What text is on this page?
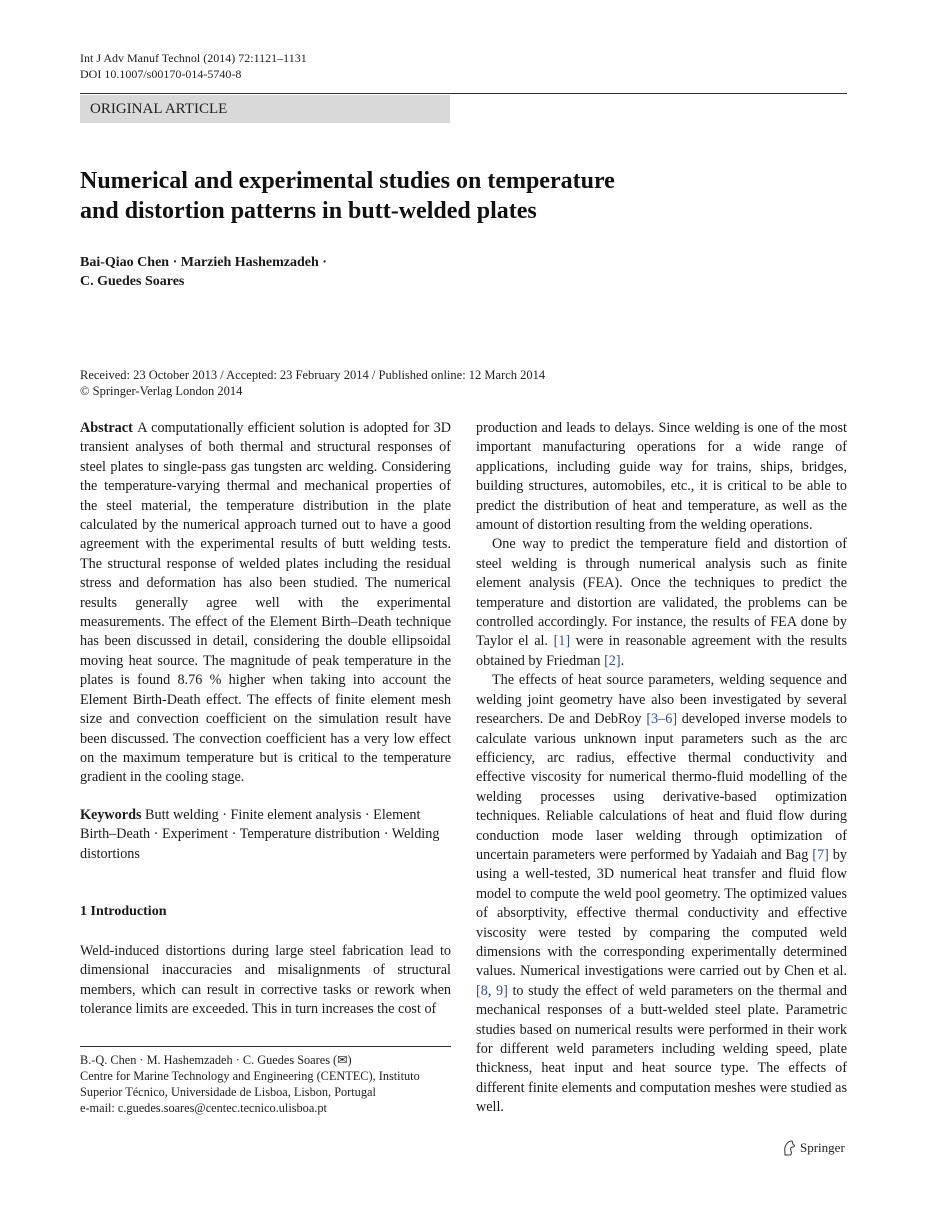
Int J Adv Manuf Technol (2014) 72:1121–1131
DOI 10.1007/s00170-014-5740-8
ORIGINAL ARTICLE
Numerical and experimental studies on temperature
and distortion patterns in butt-welded plates
Bai-Qiao Chen · Marzieh Hashemzadeh ·
C. Guedes Soares
Received: 23 October 2013 / Accepted: 23 February 2014 / Published online: 12 March 2014
© Springer-Verlag London 2014

Abstract A computationally efficient solution is adopted for 3D transient analyses of both thermal and structural responses of steel plates to single-pass gas tungsten arc welding. Considering the temperature-varying thermal and mechanical properties of the steel material, the temperature distribution in the plate calculated by the numerical approach turned out to have a good agreement with the experimental results of butt welding tests. The structural response of welded plates including the residual stress and deformation has also been studied. The numerical results generally agree well with the experimental measurements. The effect of the Element Birth–Death technique has been discussed in detail, considering the double ellipsoidal moving heat source. The magnitude of peak temperature in the plates is found 8.76 % higher when taking into account the Element Birth-Death effect. The effects of finite element mesh size and convection coefficient on the simulation result have been discussed. The convection coefficient has a very low effect on the maximum temperature but is critical to the temperature gradient in the cooling stage.

Keywords Butt welding · Finite element analysis · Element Birth–Death · Experiment · Temperature distribution · Welding distortions
1 Introduction

Weld-induced distortions during large steel fabrication lead to dimensional inaccuracies and misalignments of structural members, which can result in corrective tasks or rework when tolerance limits are exceeded. This in turn increases the cost of

B.-Q. Chen · M. Hashemzadeh · C. Guedes Soares (✉)
Centre for Marine Technology and Engineering (CENTEC), Instituto
Superior Técnico, Universidade de Lisboa, Lisbon, Portugal
e-mail: c.guedes.soares@centec.tecnico.ulisboa.pt

production and leads to delays. Since welding is one of the most important manufacturing operations for a wide range of applications, including guide way for trains, ships, bridges, building structures, automobiles, etc., it is critical to be able to predict the distribution of heat and temperature, as well as the amount of distortion resulting from the welding operations.

One way to predict the temperature field and distortion of steel welding is through numerical analysis such as finite element analysis (FEA). Once the techniques to predict the temperature and distortion are validated, the problems can be controlled accordingly. For instance, the results of FEA done by Taylor el al. [1] were in reasonable agreement with the results obtained by Friedman [2].

The effects of heat source parameters, welding sequence and welding joint geometry have also been investigated by several researchers. De and DebRoy [3–6] developed inverse models to calculate various unknown input parameters such as the arc efficiency, arc radius, effective thermal conductivity and effective viscosity for numerical thermo-fluid modelling of the welding processes using derivative-based optimization techniques. Reliable calculations of heat and fluid flow during conduction mode laser welding through optimization of uncertain parameters were performed by Yadaiah and Bag [7] by using a well-tested, 3D numerical heat transfer and fluid flow model to compute the weld pool geometry. The optimized values of absorptivity, effective thermal conductivity and effective viscosity were tested by comparing the computed weld dimensions with the corresponding experimentally determined values. Numerical investigations were carried out by Chen et al. [8, 9] to study the effect of weld parameters on the thermal and mechanical responses of a butt-welded steel plate. Parametric studies based on numerical results were performed in their work for different weld parameters including welding speed, plate thickness, heat input and heat source type. The effects of different finite elements and computation meshes were studied as well.

Springer
